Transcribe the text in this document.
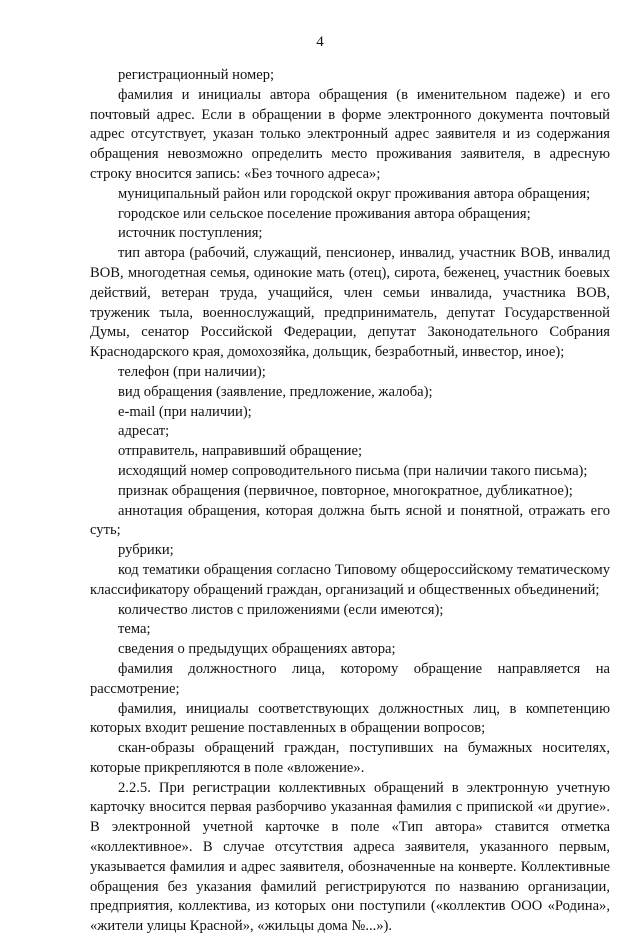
4

регистрационный номер;

фамилия и инициалы автора обращения (в именительном падеже) и его почтовый адрес. Если в обращении в форме электронного документа почтовый адрес отсутствует, указан только электронный адрес заявителя и из содержания обращения невозможно определить место проживания заявителя, в адресную строку вносится запись: «Без точного адреса»;

муниципальный район или городской округ проживания автора обращения;

городское или сельское поселение проживания автора обращения;

источник поступления;

тип автора (рабочий, служащий, пенсионер, инвалид, участник ВОВ, инвалид ВОВ, многодетная семья, одинокие мать (отец), сирота, беженец, участник боевых действий, ветеран труда, учащийся, член семьи инвалида, участника ВОВ, труженик тыла, военнослужащий, предприниматель, депутат Государственной Думы, сенатор Российской Федерации, депутат Законодательного Собрания Краснодарского края, домохозяйка, дольщик, безработный, инвестор, иное);

телефон (при наличии);

вид обращения (заявление, предложение, жалоба);

e-mail (при наличии);

адресат;

отправитель, направивший обращение;

исходящий номер сопроводительного письма (при наличии такого письма);

признак обращения (первичное, повторное, многократное, дубликатное);

аннотация обращения, которая должна быть ясной и понятной, отражать его суть;

рубрики;

код тематики обращения согласно Типовому общероссийскому тематическому классификатору обращений граждан, организаций и общественных объединений;

количество листов с приложениями (если имеются);

тема;

сведения о предыдущих обращениях автора;

фамилия должностного лица, которому обращение направляется на рассмотрение;

фамилия, инициалы соответствующих должностных лиц, в компетенцию которых входит решение поставленных в обращении вопросов;

скан-образы обращений граждан, поступивших на бумажных носителях, которые прикрепляются в поле «вложение».

2.2.5. При регистрации коллективных обращений в электронную учетную карточку вносится первая разборчиво указанная фамилия с припиской «и другие». В электронной учетной карточке в поле «Тип автора» ставится отметка «коллективное». В случае отсутствия адреса заявителя, указанного первым, указывается фамилия и адрес заявителя, обозначенные на конверте. Коллективные обращения без указания фамилий регистрируются по названию организации, предприятия, коллектива, из которых они поступили («коллектив ООО «Родина», «жители улицы Красной», «жильцы дома №...»).
